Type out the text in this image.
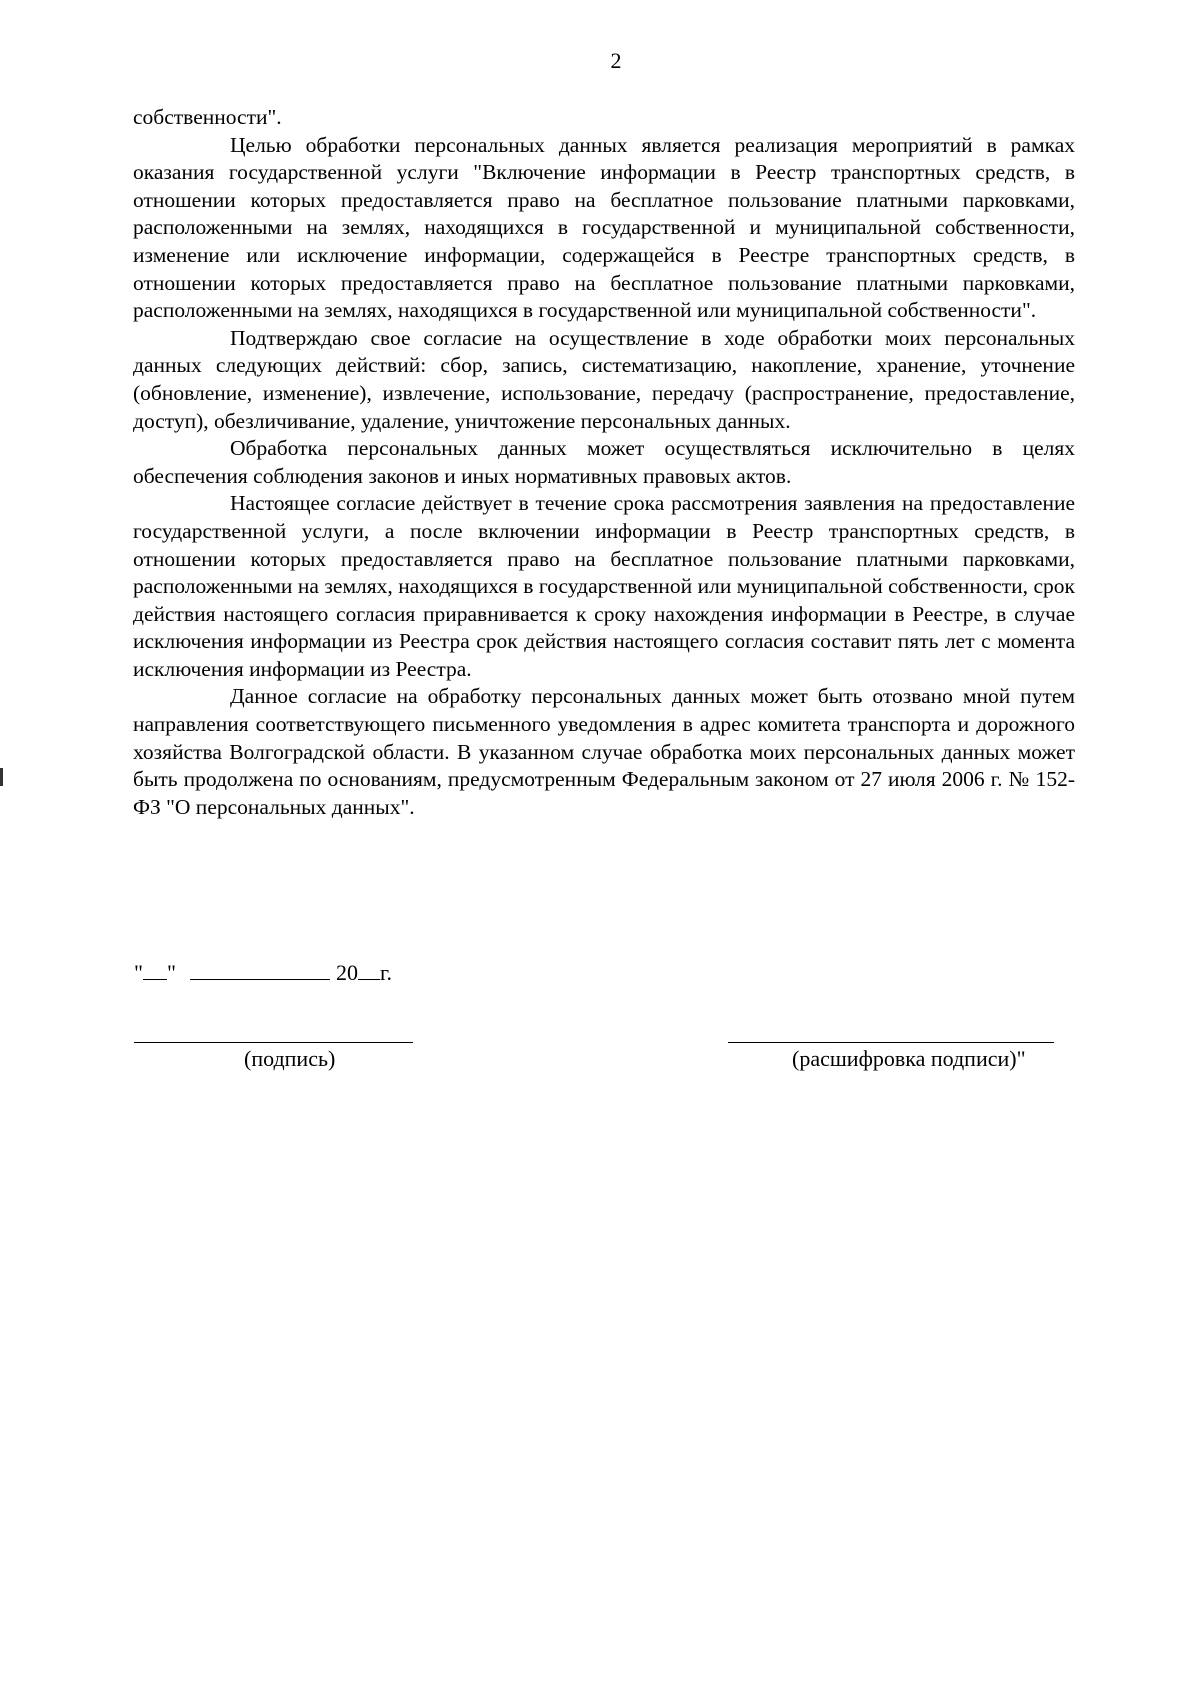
2

собственности".

Целью обработки персональных данных является реализация мероприятий в рамках оказания государственной услуги "Включение информации в Реестр транспортных средств, в отношении которых предоставляется право на бесплатное пользование платными парковками, расположенными на землях, находящихся в государственной и муниципальной собственности, изменение или исключение информации, содержащейся в Реестре транспортных средств, в отношении которых предоставляется право на бесплатное пользование платными парковками, расположенными на землях, находящихся в государственной или муниципальной собственности".

Подтверждаю свое согласие на осуществление в ходе обработки моих персональных данных следующих действий: сбор, запись, систематизацию, накопление, хранение, уточнение (обновление, изменение), извлечение, использование, передачу (распространение, предоставление, доступ), обезличивание, удаление, уничтожение персональных данных.

Обработка персональных данных может осуществляться исключительно в целях обеспечения соблюдения законов и иных нормативных правовых актов.

Настоящее согласие действует в течение срока рассмотрения заявления на предоставление государственной услуги, а после включении информации в Реестр транспортных средств, в отношении которых предоставляется право на бесплатное пользование платными парковками, расположенными на землях, находящихся в государственной или муниципальной собственности, срок действия настоящего согласия приравнивается к сроку нахождения информации в Реестре, в случае исключения информации из Реестра срок действия настоящего согласия составит пять лет с момента исключения информации из Реестра.

Данное согласие на обработку персональных данных может быть отозвано мной путем направления соответствующего письменного уведомления в адрес комитета транспорта и дорожного хозяйства Волгоградской области. В указанном случае обработка моих персональных данных может быть продолжена по основаниям, предусмотренным Федеральным законом от 27 июля 2006 г. № 152-ФЗ "О персональных данных".

" "	20 г.
(подпись)	(расшифровка подписи)"
